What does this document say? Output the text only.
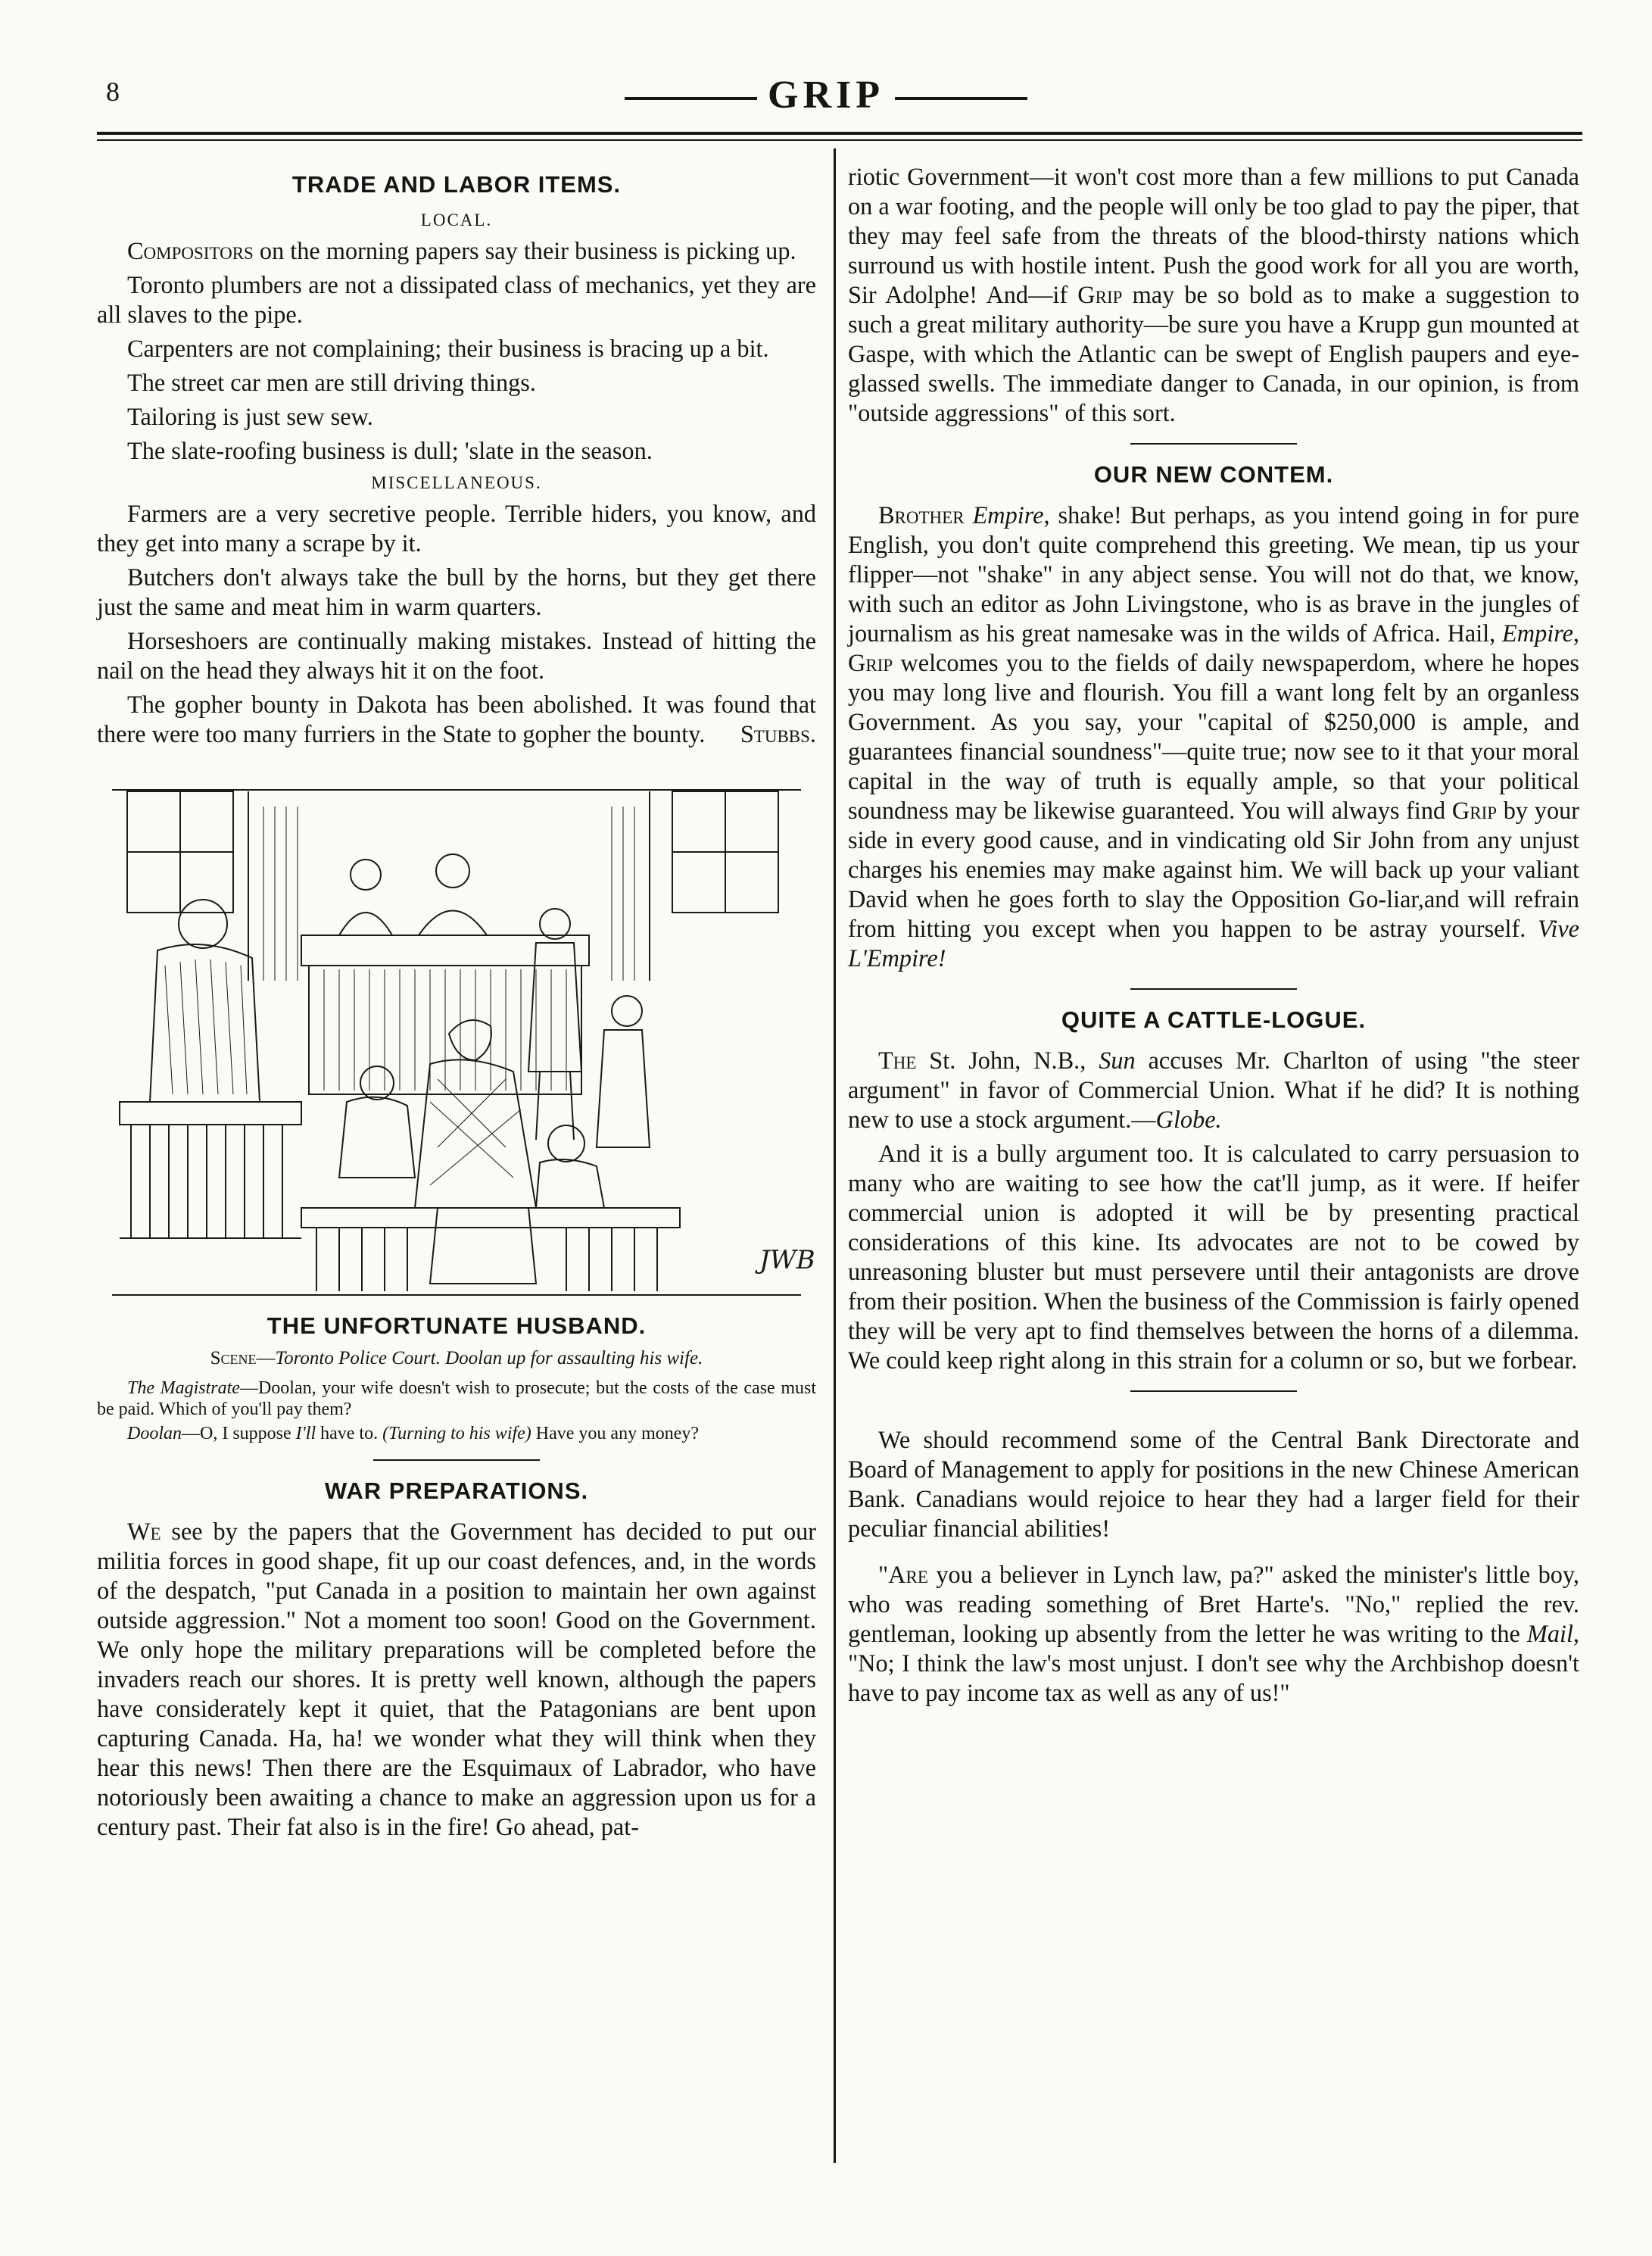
8	GRIP
TRADE AND LABOR ITEMS.
LOCAL.

Compositors on the morning papers say their business is picking up.

Toronto plumbers are not a dissipated class of mechanics, yet they are all slaves to the pipe.

Carpenters are not complaining; their business is bracing up a bit.

The street car men are still driving things.

Tailoring is just sew sew.

The slate-roofing business is dull; 'slate in the season.

MISCELLANEOUS.

Farmers are a very secretive people. Terrible hiders, you know, and they get into many a scrape by it.

Butchers don't always take the bull by the horns, but they get there just the same and meat him in warm quarters.

Horseshoers are continually making mistakes. Instead of hitting the nail on the head they always hit it on the foot.

The gopher bounty in Dakota has been abolished. It was found that there were too many furriers in the State to gopher the bounty.	Stubbs.

JWB
THE UNFORTUNATE HUSBAND.
Scene—Toronto Police Court. Doolan up for assaulting his wife.

The Magistrate—Doolan, your wife doesn't wish to prosecute; but the costs of the case must be paid. Which of you'll pay them?

Doolan—O, I suppose I'll have to. (Turning to his wife) Have you any money?

WAR PREPARATIONS.

We see by the papers that the Government has decided to put our militia forces in good shape, fit up our coast defences, and, in the words of the despatch, "put Canada in a position to maintain her own against outside aggression." Not a moment too soon! Good on the Government. We only hope the military preparations will be completed before the invaders reach our shores. It is pretty well known, although the papers have considerately kept it quiet, that the Patagonians are bent upon capturing Canada. Ha, ha! we wonder what they will think when they hear this news! Then there are the Esquimaux of Labrador, who have notoriously been awaiting a chance to make an aggression upon us for a century past. Their fat also is in the fire! Go ahead, pat-

riotic Government—it won't cost more than a few millions to put Canada on a war footing, and the people will only be too glad to pay the piper, that they may feel safe from the threats of the blood-thirsty nations which surround us with hostile intent. Push the good work for all you are worth, Sir Adolphe! And—if Grip may be so bold as to make a suggestion to such a great military authority—be sure you have a Krupp gun mounted at Gaspe, with which the Atlantic can be swept of English paupers and eye-glassed swells. The immediate danger to Canada, in our opinion, is from "outside aggressions" of this sort.

OUR NEW CONTEM.

Brother Empire, shake! But perhaps, as you intend going in for pure English, you don't quite comprehend this greeting. We mean, tip us your flipper—not "shake" in any abject sense. You will not do that, we know, with such an editor as John Livingstone, who is as brave in the jungles of journalism as his great namesake was in the wilds of Africa. Hail, Empire, Grip welcomes you to the fields of daily newspaperdom, where he hopes you may long live and flourish. You fill a want long felt by an organless Government. As you say, your "capital of $250,000 is ample, and guarantees financial soundness"—quite true; now see to it that your moral capital in the way of truth is equally ample, so that your political soundness may be likewise guaranteed. You will always find Grip by your side in every good cause, and in vindicating old Sir John from any unjust charges his enemies may make against him. We will back up your valiant David when he goes forth to slay the Opposition Go-liar,and will refrain from hitting you except when you happen to be astray yourself. Vive L'Empire!

QUITE A CATTLE-LOGUE.

The St. John, N.B., Sun accuses Mr. Charlton of using "the steer argument" in favor of Commercial Union. What if he did? It is nothing new to use a stock argument.—Globe.

And it is a bully argument too. It is calculated to carry persuasion to many who are waiting to see how the cat'll jump, as it were. If heifer commercial union is adopted it will be by presenting practical considerations of this kine. Its advocates are not to be cowed by unreasoning bluster but must persevere until their antagonists are drove from their position. When the business of the Commission is fairly opened they will be very apt to find themselves between the horns of a dilemma. We could keep right along in this strain for a column or so, but we forbear.

We should recommend some of the Central Bank Directorate and Board of Management to apply for positions in the new Chinese American Bank. Canadians would rejoice to hear they had a larger field for their peculiar financial abilities!

"Are you a believer in Lynch law, pa?" asked the minister's little boy, who was reading something of Bret Harte's. "No," replied the rev. gentleman, looking up absently from the letter he was writing to the Mail, "No; I think the law's most unjust. I don't see why the Archbishop doesn't have to pay income tax as well as any of us!"
